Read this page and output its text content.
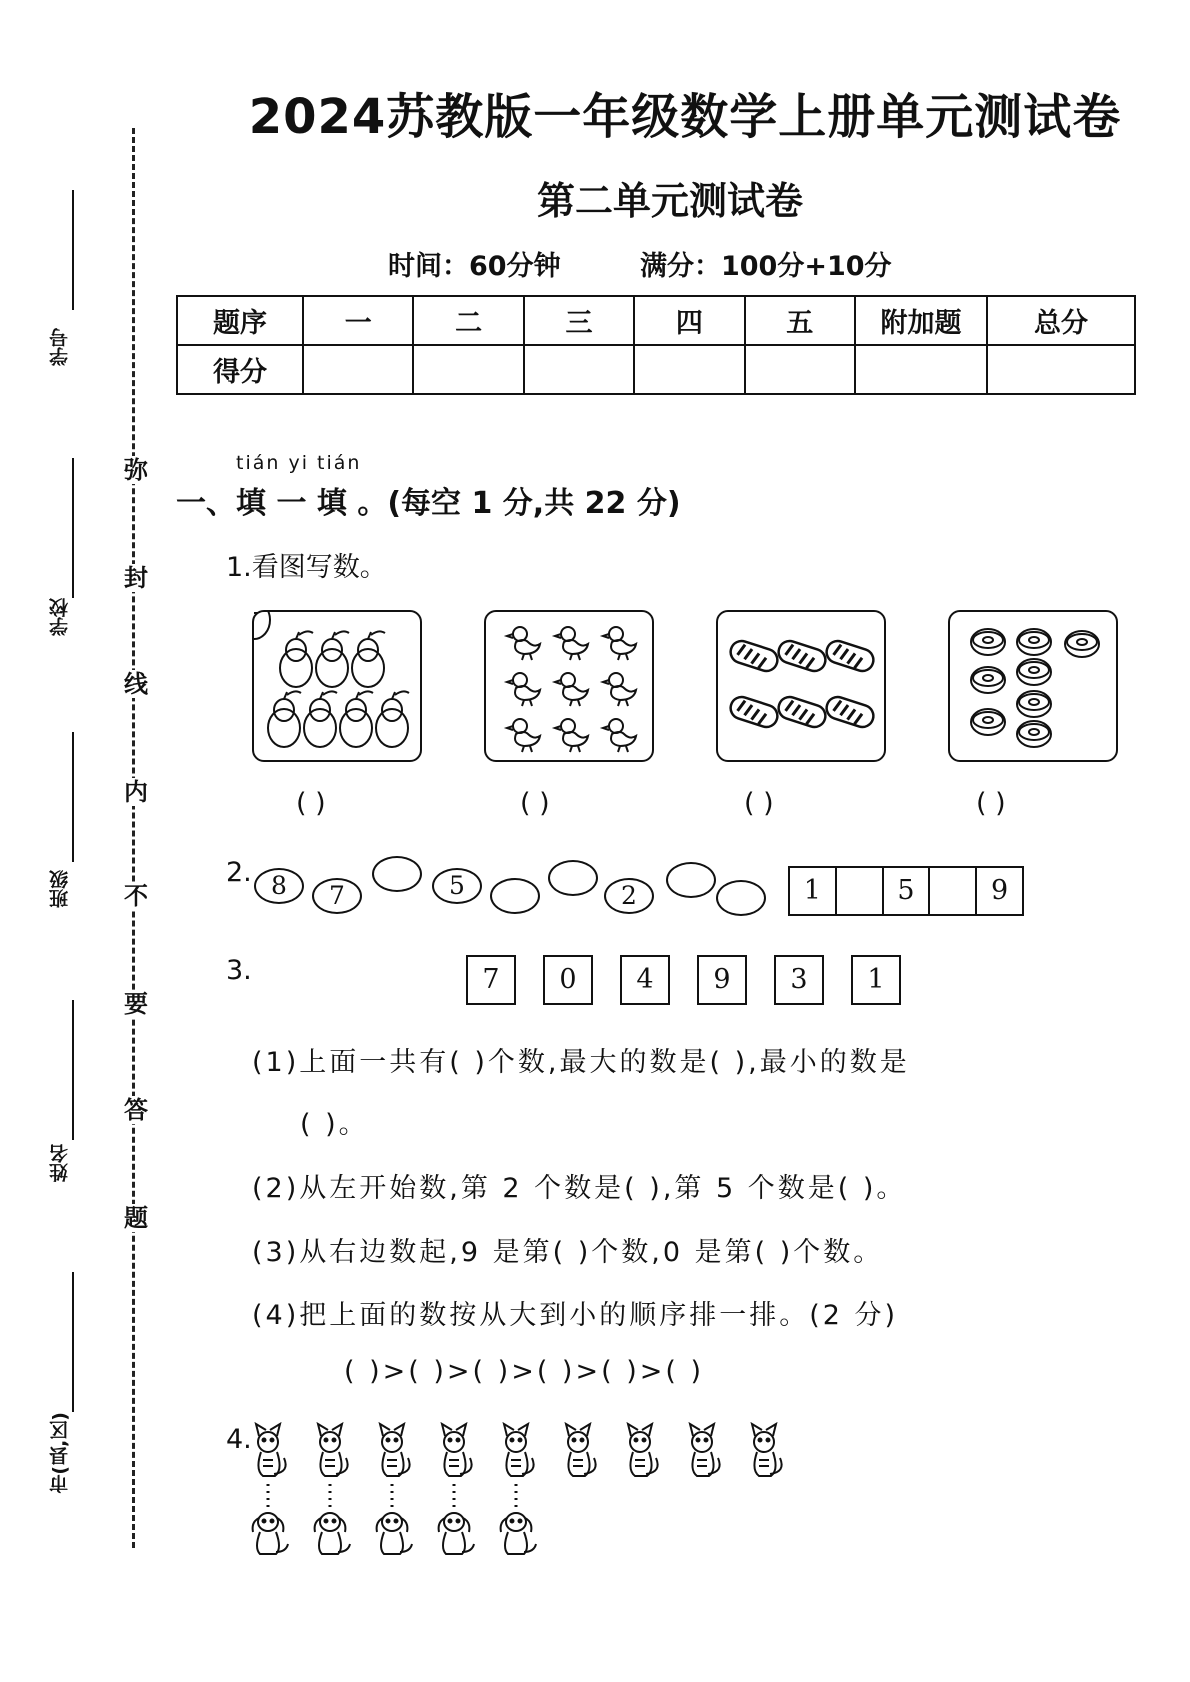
2024苏教版一年级数学上册单元测试卷
第二单元测试卷
时间：60分钟	满分：100分+10分
题序	一	二	三	四	五	附加题	总分
得分							
学号
学校
班级
姓名
市(县,区)
弥
封
线
内
不
要
答
题
tián yi tián
一、填 一 填 。(每空 1 分,共 22 分)
1.看图写数。
( )	( )	( )	( )
2. 8	7	5	2	1	5	9
3.	7	0	4	9	3	1
(1)上面一共有( )个数,最大的数是( ),最小的数是
( )。
(2)从左开始数,第 2 个数是( ),第 5 个数是( )。
(3)从右边数起,9 是第( )个数,0 是第( )个数。
(4)把上面的数按从大到小的顺序排一排。(2 分)
( )>( )>( )>( )>( )>( )
4.
